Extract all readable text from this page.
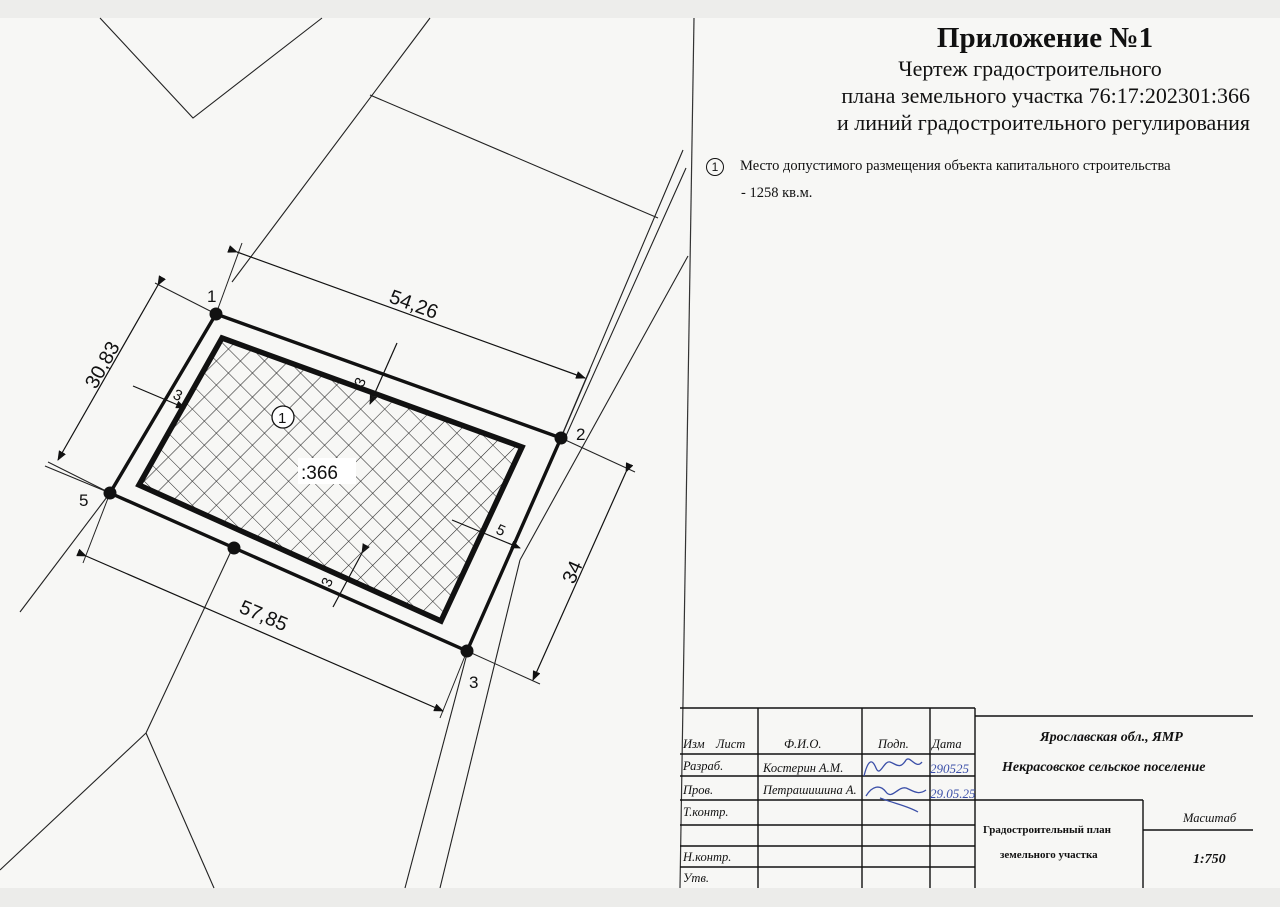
1
2
3
5
54,26
30,83
34
57,85
3
3
3
5
1
:366
Изм Лист	Ф.И.О.	Подп. Дата
Разраб.
Пров.
Т.контр.
Н.контр.
Утв.
Костерин А.М.
Петрашишина А.
290525
29.05.25
Ярославская обл., ЯМР
Некрасовское сельское поселение
Градостроительный план
земельного участка
Масштаб
1:750
Приложение №1
Чертеж градостроительного
плана земельного участка 76:17:202301:366
и линий градостроительного регулирования
1 Место допустимого размещения объекта капитального строительства
- 1258 кв.м.
